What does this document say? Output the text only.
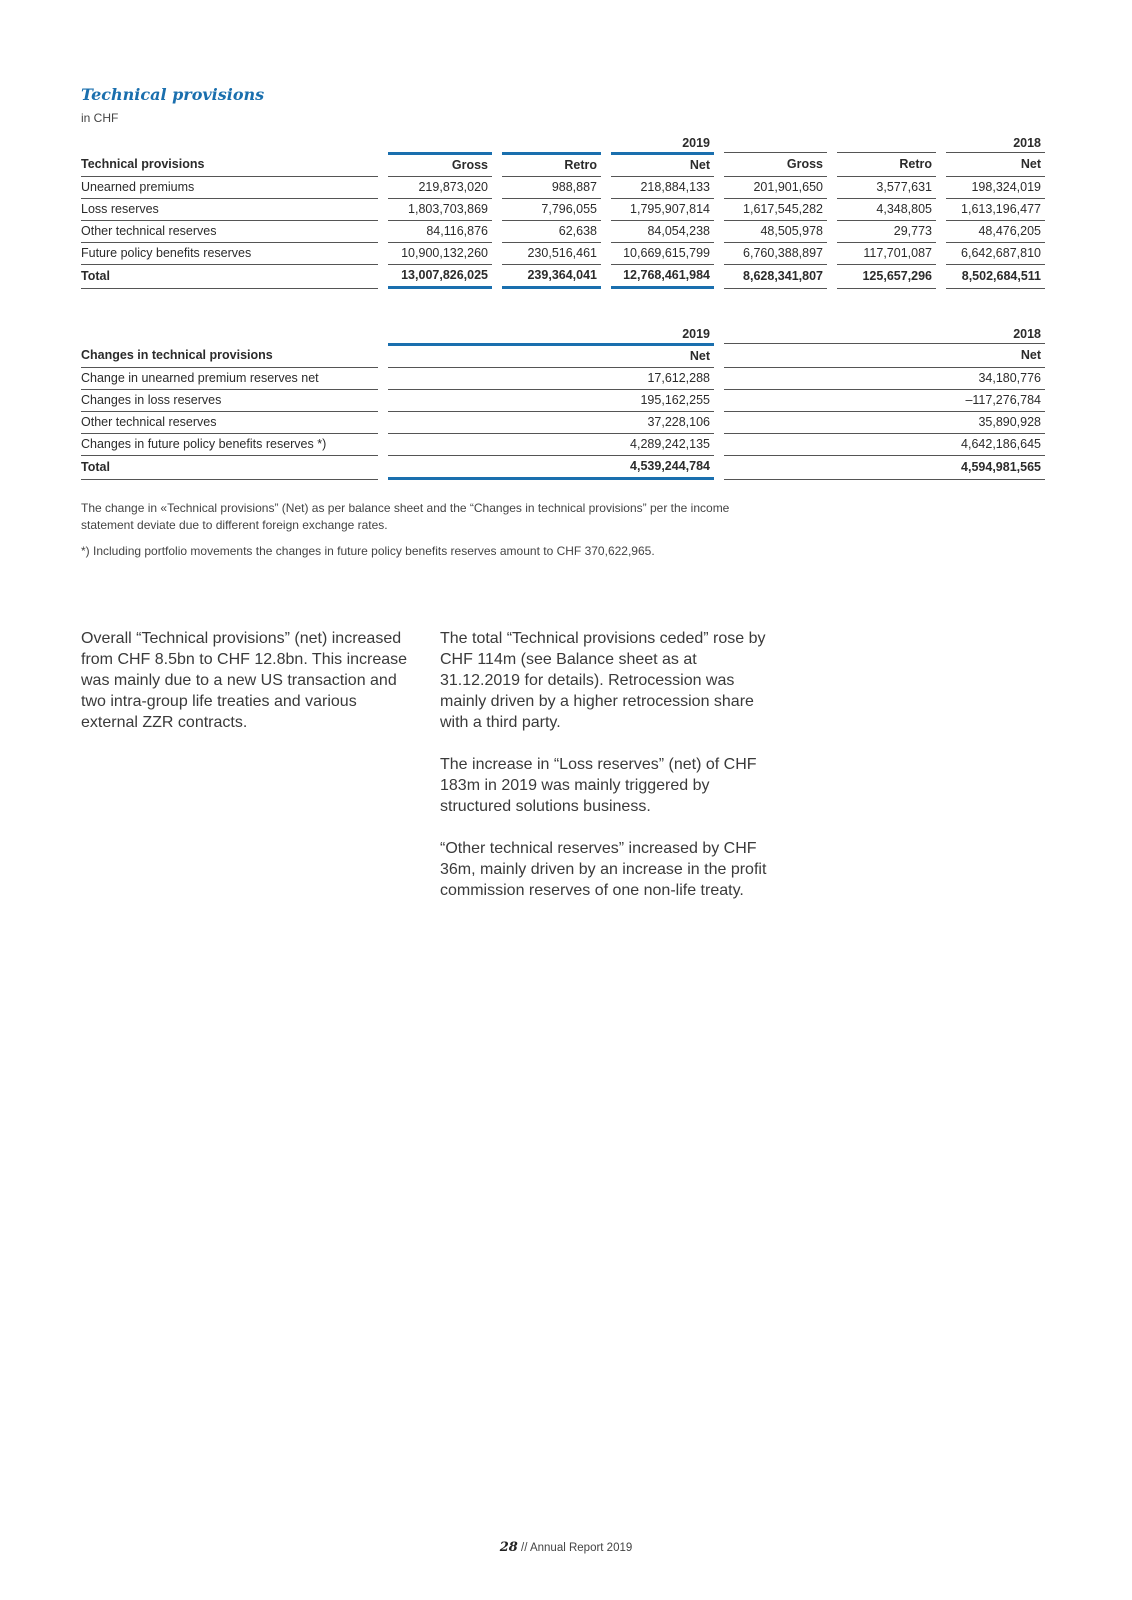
Technical provisions
in CHF
						2019						2018
Technical provisions		Gross		Retro		Net		Gross		Retro		Net
Unearned premiums		219,873,020		988,887		218,884,133		201,901,650		3,577,631		198,324,019
Loss reserves		1,803,703,869		7,796,055		1,795,907,814		1,617,545,282		4,348,805		1,613,196,477
Other technical reserves		84,116,876		62,638		84,054,238		48,505,978		29,773		48,476,205
Future policy benefits reserves		10,900,132,260		230,516,461		10,669,615,799		6,760,388,897		117,701,087		6,642,687,810
Total		13,007,826,025		239,364,041		12,768,461,984		8,628,341,807		125,657,296		8,502,684,511
		2019		2018
Changes in technical provisions		Net		Net
Change in unearned premium reserves net		17,612,288		34,180,776
Changes in loss reserves		195,162,255		–117,276,784
Other technical reserves		37,228,106		35,890,928
Changes in future policy benefits reserves *)		4,289,242,135		4,642,186,645
Total		4,539,244,784		4,594,981,565

The change in «Technical provisions” (Net) as per balance sheet and the “Changes in technical provisions” per the income statement deviate due to different foreign exchange rates.

*) Including portfolio movements the changes in future policy benefits reserves amount to CHF 370,622,965.

Overall “Technical provisions” (net) increased from CHF 8.5bn to CHF 12.8bn. This increase was mainly due to a new US transaction and two intra-group life treaties and various external ZZR contracts.

The total “Technical provisions ceded” rose by CHF 114m (see Balance sheet as at 31.12.2019 for details). Retrocession was mainly driven by a higher retrocession share with a third party.

The increase in “Loss reserves” (net) of CHF 183m in 2019 was mainly triggered by structured solutions business.

“Other technical reserves” increased by CHF 36m, mainly driven by an increase in the profit commission reserves of one non-life treaty.

28 // Annual Report 2019
